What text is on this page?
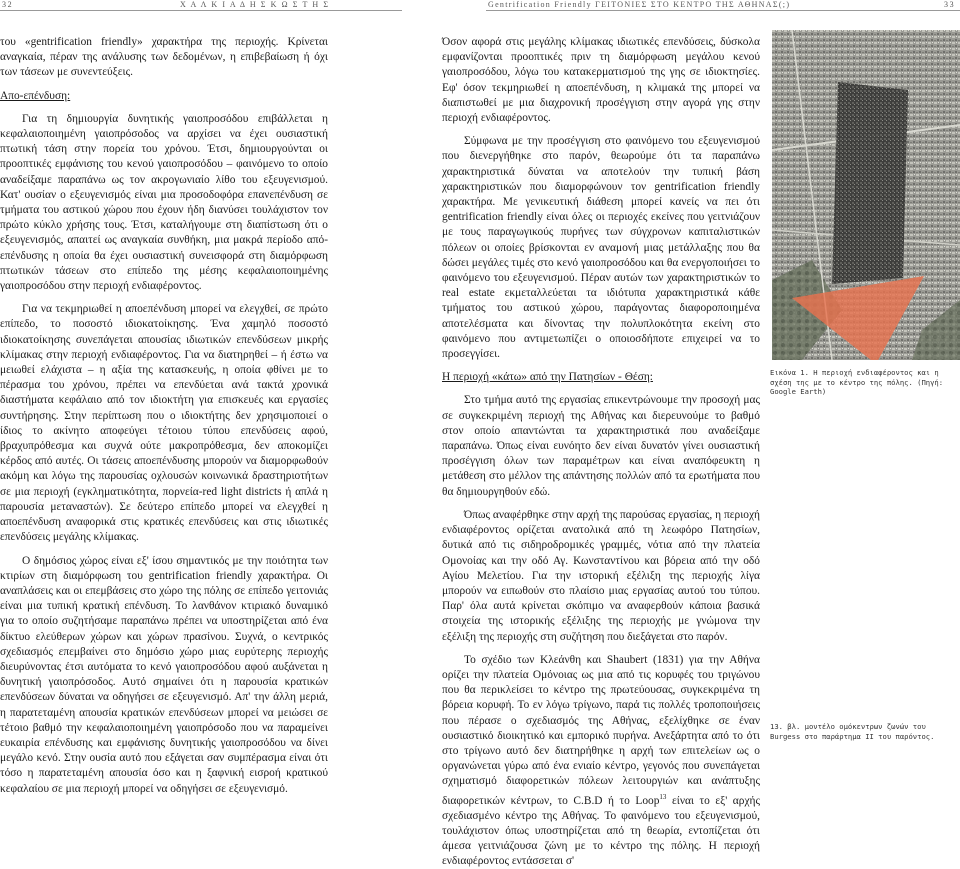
32	Χ Α Λ Κ Ι Α Δ Η Σ Κ Ω Σ Τ Η Σ	Gentrification Friendly ΓΕΙΤΟΝΙΕΣ ΣΤΟ ΚΕΝΤΡΟ ΤΗΣ ΑΘΗΝΑΣ(;)	33

του «gentrification friendly» χαρακτήρα της περιοχής. Κρίνεται αναγκαία, πέραν της ανάλυσης των δεδομένων, η επιβεβαίωση ή όχι των τάσεων με συνεντεύξεις.

Απο-επένδυση:

Για τη δημιουργία δυνητικής γαιοπροσόδου επιβάλλεται η κεφαλαιοποιημένη γαιοπρόσοδος να αρχίσει να έχει ουσιαστική πτωτική τάση στην πορεία του χρόνου. Έτσι, δημιουργούνται οι προοπτικές εμφάνισης του κενού γαιοπροσόδου – φαινόμενο το οποίο αναδείξαμε παραπάνω ως τον ακρογωνιαίο λίθο του εξευγενισμού. Κατ' ουσίαν ο εξευγενισμός είναι μια προσοδοφόρα επανεπένδυση σε τμήματα του αστικού χώρου που έχουν ήδη διανύσει τουλάχιστον τον πρώτο κύκλο χρήσης τους. Έτσι, καταλήγουμε στη διαπίστωση ότι ο εξευγενισμός, απαιτεί ως αναγκαία συνθήκη, μια μακρά περίοδο από-επένδυσης η οποία θα έχει ουσιαστική συνεισφορά στη διαμόρφωση πτωτικών τάσεων στο επίπεδο της μέσης κεφαλαιοποιημένης γαιοπροσόδου στην περιοχή ενδιαφέροντος.

Για να τεκμηριωθεί η αποεπένδυση μπορεί να ελεγχθεί, σε πρώτο επίπεδο, το ποσοστό ιδιοκατοίκησης. Ένα χαμηλό ποσοστό ιδιοκατοίκησης συνεπάγεται απουσίας ιδιωτικών επενδύσεων μικρής κλίμακας στην περιοχή ενδιαφέροντος. Για να διατηρηθεί – ή έστω να μειωθεί ελάχιστα – η αξία της κατασκευής, η οποία φθίνει με το πέρασμα του χρόνου, πρέπει να επενδύεται ανά τακτά χρονικά διαστήματα κεφάλαιο από τον ιδιοκτήτη για επισκευές και εργασίες συντήρησης. Στην περίπτωση που ο ιδιοκτήτης δεν χρησιμοποιεί ο ίδιος το ακίνητο αποφεύγει τέτοιου τύπου επενδύσεις αφού, βραχυπρόθεσμα και συχνά ούτε μακροπρόθεσμα, δεν αποκομίζει κέρδος από αυτές. Οι τάσεις αποεπένδυσης μπορούν να διαμορφωθούν ακόμη και λόγω της παρουσίας οχλουσών κοινωνικά δραστηριοτήτων σε μια περιοχή (εγκληματικότητα, πορνεία-red light districts ή απλά η παρουσία μεταναστών). Σε δεύτερο επίπεδο μπορεί να ελεγχθεί η αποεπένδυση αναφορικά στις κρατικές επενδύσεις και στις ιδιωτικές επενδύσεις μεγάλης κλίμακας.

Ο δημόσιος χώρος είναι εξ' ίσου σημαντικός με την ποιότητα των κτιρίων στη διαμόρφωση του gentrification friendly χαρακτήρα. Οι αναπλάσεις και οι επεμβάσεις στο χώρο της πόλης σε επίπεδο γειτονιάς είναι μια τυπική κρατική επένδυση. Το λανθάνον κτιριακό δυναμικό για το οποίο συζητήσαμε παραπάνω πρέπει να υποστηρίζεται από ένα δίκτυο ελεύθερων χώρων και χώρων πρασίνου. Συχνά, ο κεντρικός σχεδιασμός επεμβαίνει στο δημόσιο χώρο μιας ευρύτερης περιοχής διευρύνοντας έτσι αυτόματα το κενό γαιοπροσόδου αφού αυξάνεται η δυνητική γαιοπρόσοδος. Αυτό σημαίνει ότι η παρουσία κρατικών επενδύσεων δύναται να οδηγήσει σε εξευγενισμό. Απ' την άλλη μεριά, η παρατεταμένη απουσία κρατικών επενδύσεων μπορεί να μειώσει σε τέτοιο βαθμό την κεφαλαιοποιημένη γαιοπρόσοδο που να παραμείνει ευκαιρία επένδυσης και εμφάνισης δυνητικής γαιοπροσόδου να δίνει μεγάλο κενό. Στην ουσία αυτό που εξάγεται σαν συμπέρασμα είναι ότι τόσο η παρατεταμένη απουσία όσο και η ξαφνική εισροή κρατικού κεφαλαίου σε μια περιοχή μπορεί να οδηγήσει σε εξευγενισμό.

Όσον αφορά στις μεγάλης κλίμακας ιδιωτικές επενδύσεις, δύσκολα εμφανίζονται προοπτικές πριν τη διαμόρφωση μεγάλου κενού γαιοπροσόδου, λόγω του κατακερματισμού της γης σε ιδιοκτησίες. Εφ' όσον τεκμηριωθεί η αποεπένδυση, η κλιμακά της μπορεί να διαπιστωθεί με μια διαχρονική προσέγγιση στην αγορά γης στην περιοχή ενδιαφέροντος.

Σύμφωνα με την προσέγγιση στο φαινόμενο του εξευγενισμού που διενεργήθηκε στο παρόν, θεωρούμε ότι τα παραπάνω χαρακτηριστικά δύναται να αποτελούν την τυπική βάση χαρακτηριστικών που διαμορφώνουν τον gentrification friendly χαρακτήρα. Με γενικευτική διάθεση μπορεί κανείς να πει ότι gentrification friendly είναι όλες οι περιοχές εκείνες που γειτνιάζουν με τους παραγωγικούς πυρήνες των σύγχρονων καπιταλιστικών πόλεων οι οποίες βρίσκονται εν αναμονή μιας μετάλλαξης που θα δώσει μεγάλες τιμές στο κενό γαιοπροσόδου και θα ενεργοποιήσει το φαινόμενο του εξευγενισμού. Πέραν αυτών των χαρακτηριστικών το real estate εκμεταλλεύεται τα ιδιότυπα χαρακτηριστικά κάθε τμήματος του αστικού χώρου, παράγοντας διαφοροποιημένα αποτελέσματα και δίνοντας την πολυπλοκότητα εκείνη στο φαινόμενο που αντιμετωπίζει ο οποιοσδήποτε επιχειρεί να το προσεγγίσει.

Η περιοχή «κάτω» από την Πατησίων - Θέση:

Στο τμήμα αυτό της εργασίας επικεντρώνουμε την προσοχή μας σε συγκεκριμένη περιοχή της Αθήνας και διερευνούμε το βαθμό στον οποίο απαντώνται τα χαρακτηριστικά που αναδείξαμε παραπάνω. Όπως είναι ευνόητο δεν είναι δυνατόν γίνει ουσιαστική προσέγγιση όλων των παραμέτρων και είναι αναπόφευκτη η μετάθεση στο μέλλον της απάντησης πολλών από τα ερωτήματα που θα δημιουργηθούν εδώ.

Όπως αναφέρθηκε στην αρχή της παρούσας εργασίας, η περιοχή ενδιαφέροντος ορίζεται ανατολικά από τη λεωφόρο Πατησίων, δυτικά από τις σιδηροδρομικές γραμμές, νότια από την πλατεία Ομονοίας και την οδό Αγ. Κωνσταντίνου και βόρεια από την οδό Αγίου Μελετίου. Για την ιστορική εξέλιξη της περιοχής λίγα μπορούν να ειπωθούν στο πλαίσιο μιας εργασίας αυτού του τύπου. Παρ' όλα αυτά κρίνεται σκόπιμο να αναφερθούν κάποια βασικά στοιχεία της ιστορικής εξέλιξης της περιοχής με γνώμονα την εξέλιξη της περιοχής στη συζήτηση που διεξάγεται στο παρόν.

Το σχέδιο των Κλεάνθη και Shaubert (1831) για την Αθήνα ορίζει την πλατεία Ομόνοιας ως μια από τις κορυφές του τριγώνου που θα περικλείσει το κέντρο της πρωτεύουσας, συγκεκριμένα τη βόρεια κορυφή. Το εν λόγω τρίγωνο, παρά τις πολλές τροποποιήσεις που πέρασε ο σχεδιασμός της Αθήνας, εξελίχθηκε σε έναν ουσιαστικό διοικητικό και εμπορικό πυρήνα. Ανεξάρτητα από το ότι στο τρίγωνο αυτό δεν διατηρήθηκε η αρχή των επιτελείων ως ο οργανώνεται γύρω από ένα ενιαίο κέντρο, γεγονός που συνεπάγεται σχηματισμό διαφορετικών πόλεων λειτουργιών και ανάπτυξης διαφορετικών κέντρων, το C.B.D ή το Loop$^{13}$ είναι το εξ' αρχής σχεδιασμένο κέντρο της Αθήνας. Το φαινόμενο του εξευγενισμού, τουλάχιστον όπως υποστηρίζεται από τη θεωρία, εντοπίζεται ότι άμεσα γειτνιάζουσα ζώνη με το κέντρο της πόλης. Η περιοχή ενδιαφέροντος εντάσσεται σ'

Εικόνα 1. Η περιοχή ενδιαφέροντος και η σχέση της με το κέντρο της πόλης. (Πηγή: Google Earth)
13. βλ. μοντέλο ομόκεντρων ζωνών του Burgess στο παράρτημα ΙΙ του παρόντος.
